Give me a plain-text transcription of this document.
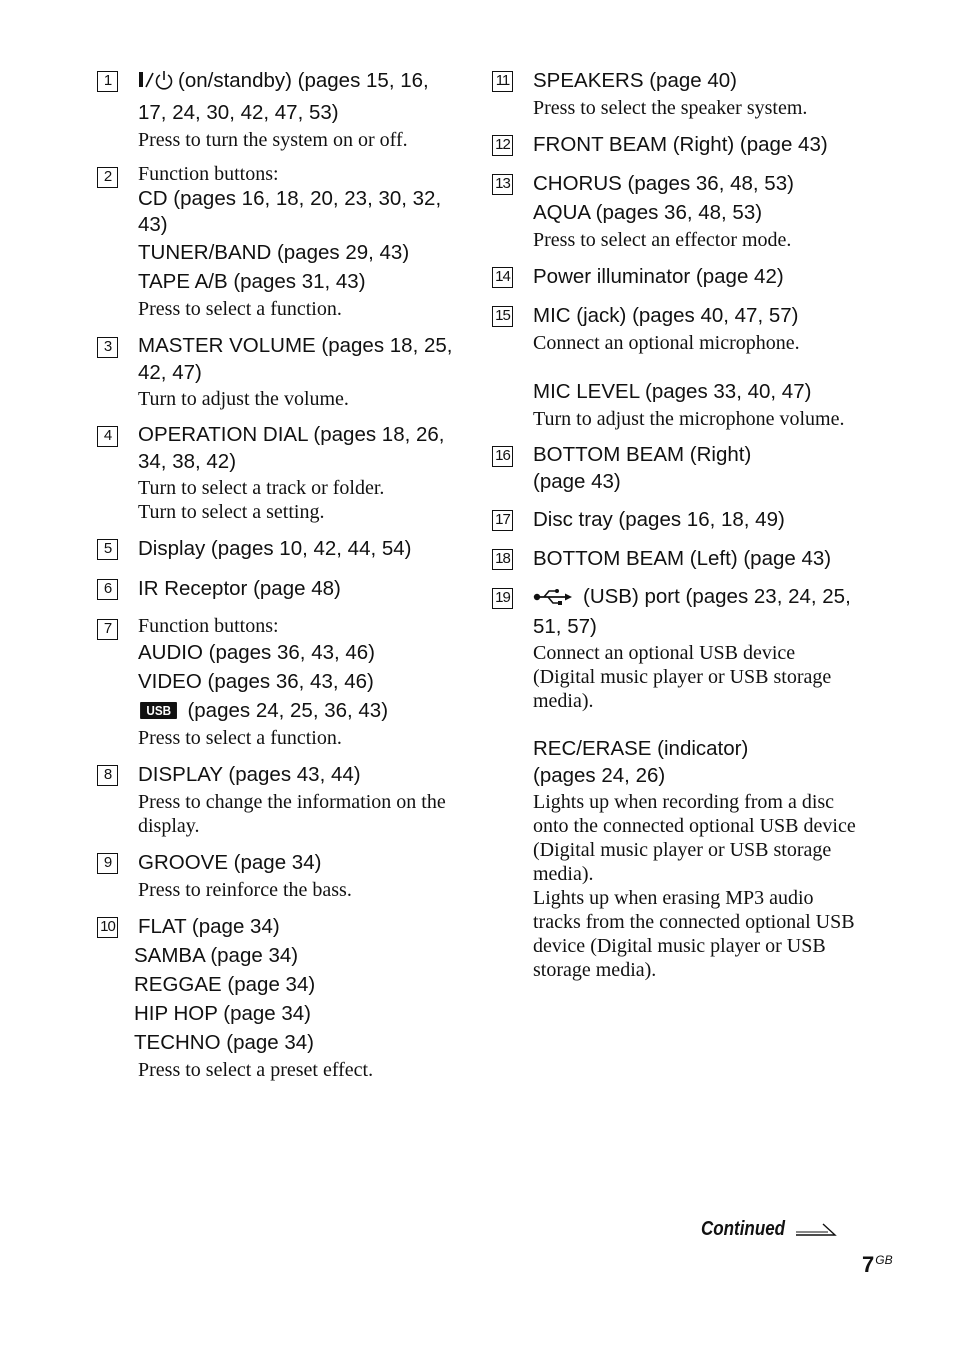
1	(on/standby) (pages 15, 16, 17, 24, 30, 42, 47, 53)

Press to turn the system on or off.

2	Function buttons:

CD (pages 16, 18, 20, 23, 30, 32, 43)

TUNER/BAND (pages 29, 43)

TAPE A/B (pages 31, 43)

Press to select a function.

3	MASTER VOLUME (pages 18, 25, 42, 47)

Turn to adjust the volume.

4	OPERATION DIAL (pages 18, 26, 34, 38, 42)

Turn to select a track or folder.

Turn to select a setting.

5	Display (pages 10, 42, 44, 54)

6	IR Receptor (page 48)

7	Function buttons:

AUDIO (pages 36, 43, 46)

VIDEO (pages 36, 43, 46)

USB (pages 24, 25, 36, 43)

Press to select a function.

8	DISPLAY (pages 43, 44)

Press to change the information on the display.

9	GROOVE (page 34)

Press to reinforce the bass.

10 FLAT (page 34)

SAMBA (page 34)

REGGAE (page 34)

HIP HOP (page 34)

TECHNO (page 34)

Press to select a preset effect.

11 SPEAKERS (page 40)

Press to select the speaker system.

12 FRONT BEAM (Right) (page 43)

13 CHORUS (pages 36, 48, 53)

AQUA (pages 36, 48, 53)

Press to select an effector mode.

14 Power illuminator (page 42)

15 MIC (jack) (pages 40, 47, 57)

Connect an optional microphone.

MIC LEVEL (pages 33, 40, 47)

Turn to adjust the microphone volume.

16 BOTTOM BEAM (Right) (page 43)

17 Disc tray (pages 16, 18, 49)

18 BOTTOM BEAM (Left) (page 43)

19	(USB) port (pages 23, 24, 25, 51, 57)

Connect an optional USB device (Digital music player or USB storage media).

REC/ERASE (indicator) (pages 24, 26)

Lights up when recording from a disc onto the connected optional USB device (Digital music player or USB storage media).

Lights up when erasing MP3 audio tracks from the connected optional USB device (Digital music player or USB storage media).

Continued
$7^{GB}$
